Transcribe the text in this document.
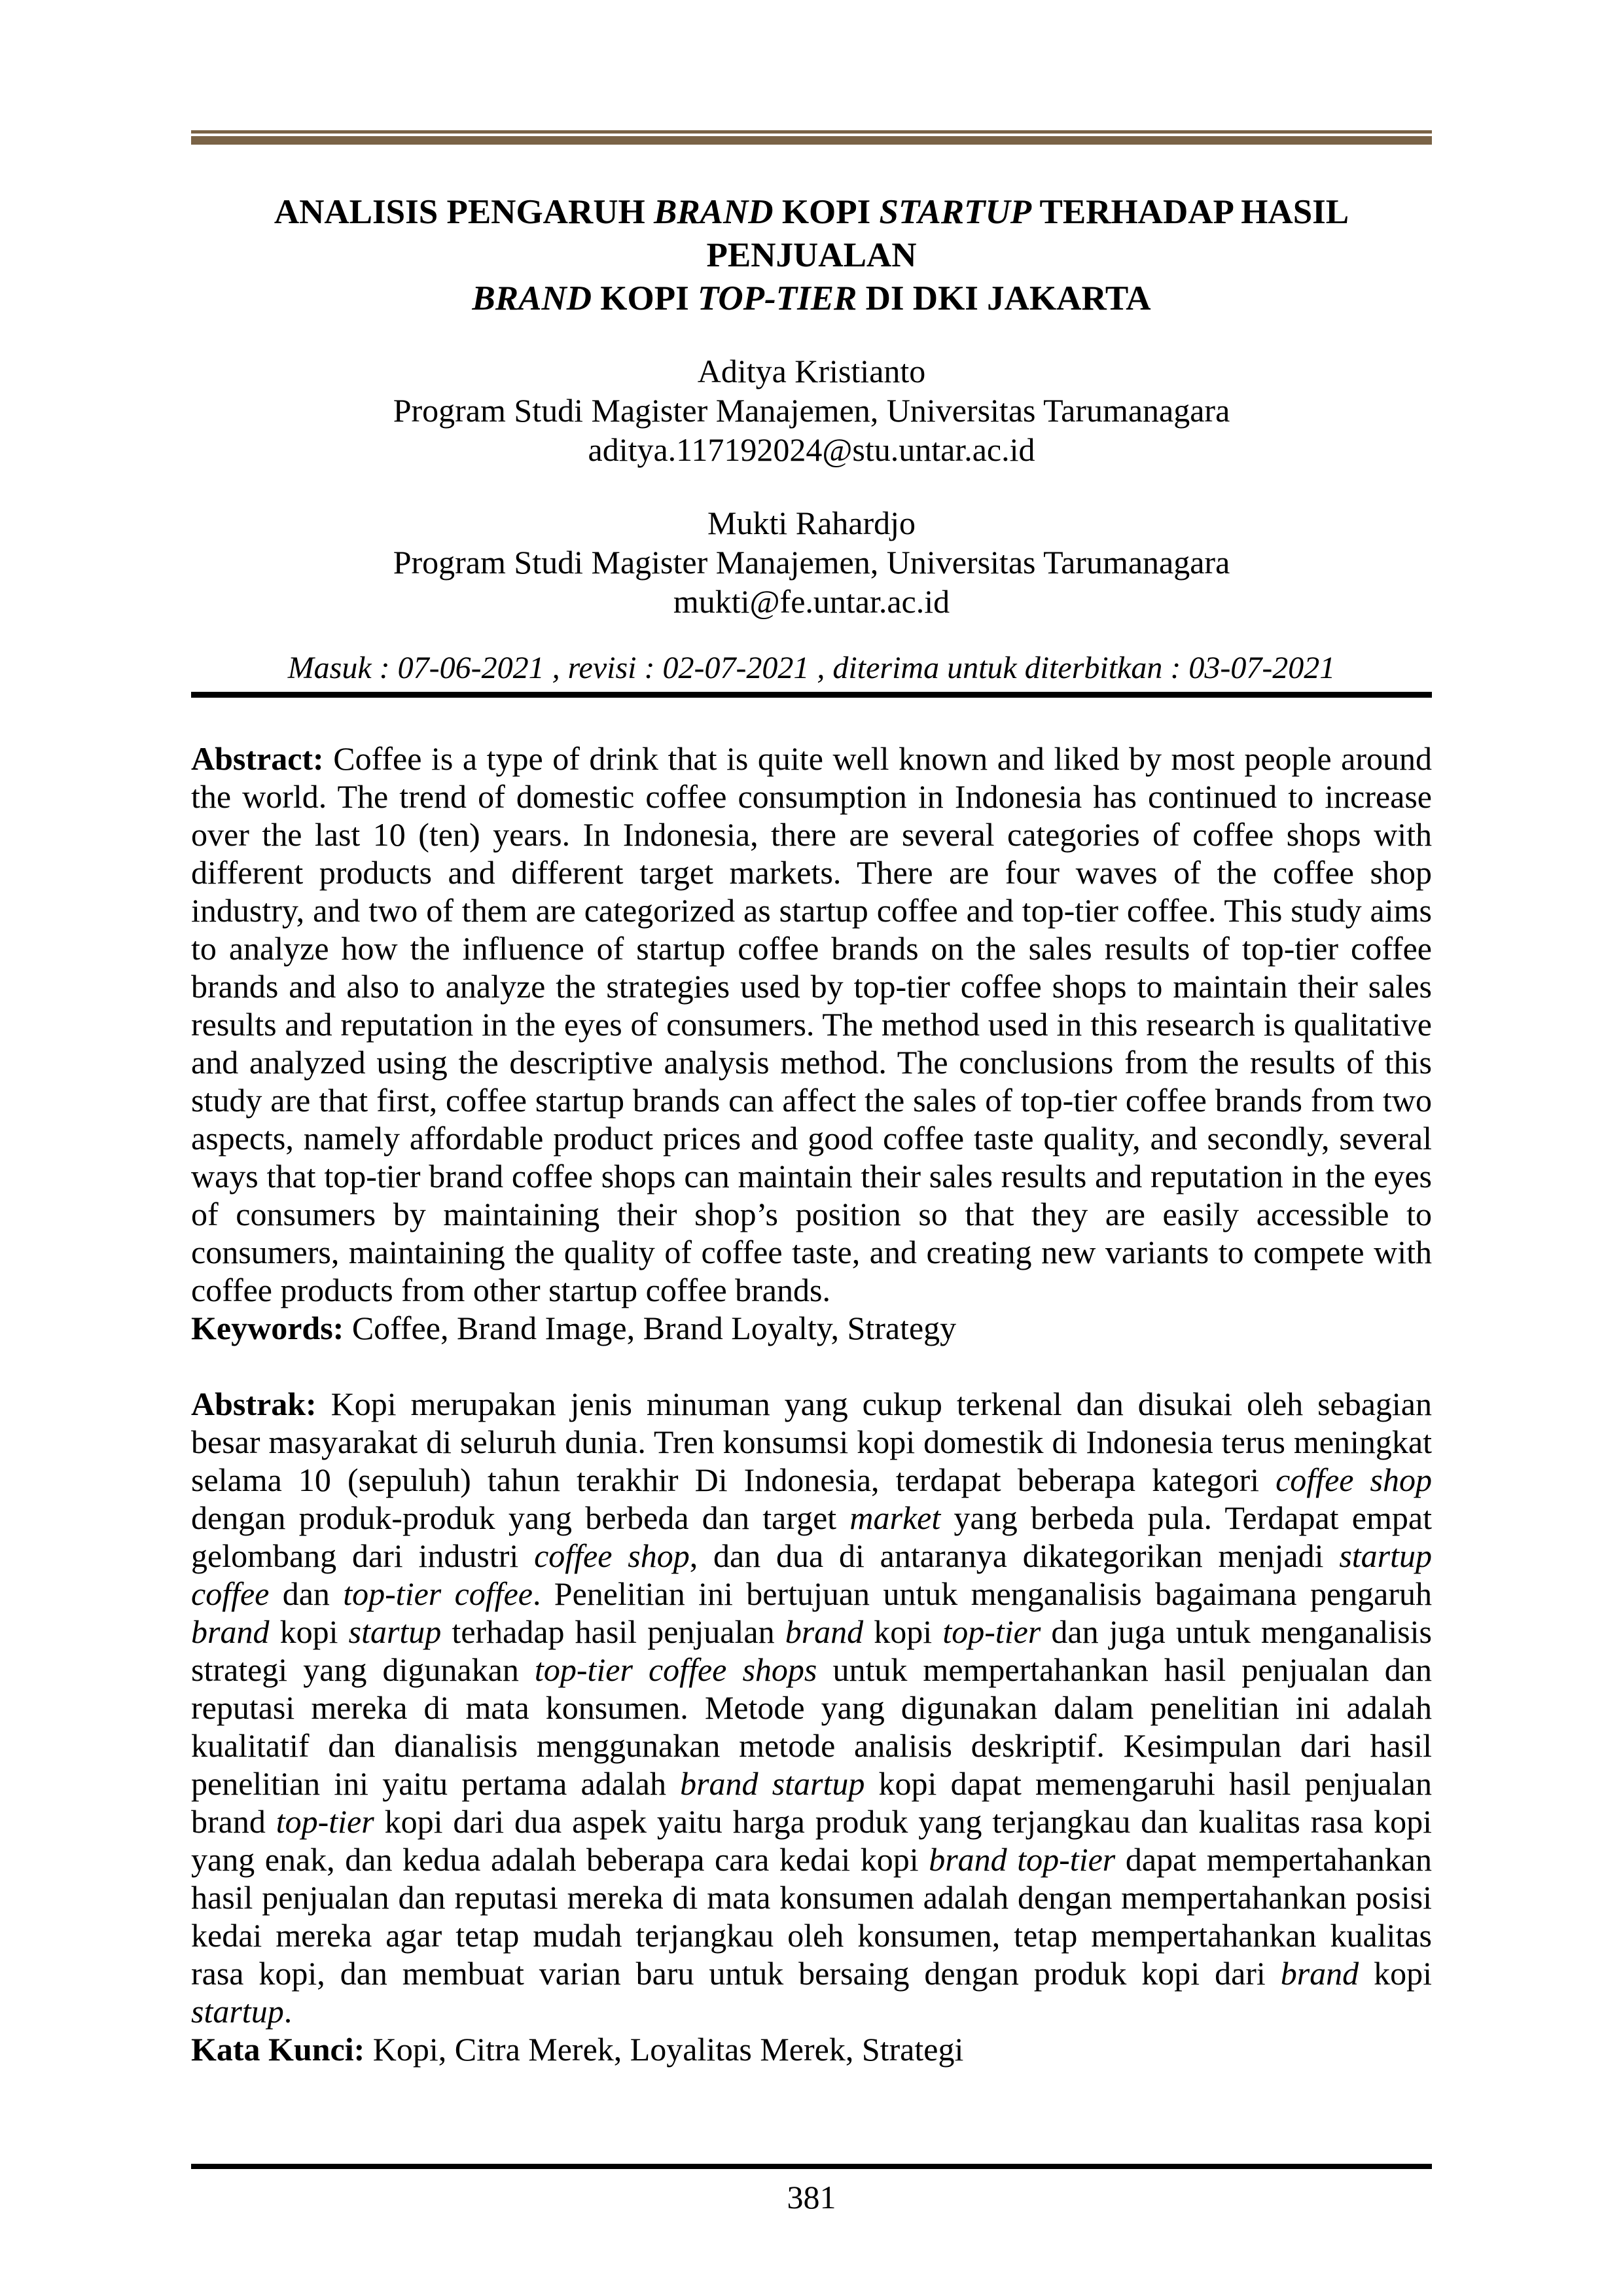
ANALISIS PENGARUH BRAND KOPI STARTUP TERHADAP HASIL PENJUALAN
BRAND KOPI TOP-TIER DI DKI JAKARTA
Aditya Kristianto
Program Studi Magister Manajemen, Universitas Tarumanagara
aditya.117192024@stu.untar.ac.id
Mukti Rahardjo
Program Studi Magister Manajemen, Universitas Tarumanagara
mukti@fe.untar.ac.id
Masuk : 07-06-2021 , revisi : 02-07-2021 , diterima untuk diterbitkan : 03-07-2021

Abstract: Coffee is a type of drink that is quite well known and liked by most people around the world. The trend of domestic coffee consumption in Indonesia has continued to increase over the last 10 (ten) years. In Indonesia, there are several categories of coffee shops with different products and different target markets. There are four waves of the coffee shop industry, and two of them are categorized as startup coffee and top-tier coffee. This study aims to analyze how the influence of startup coffee brands on the sales results of top-tier coffee brands and also to analyze the strategies used by top-tier coffee shops to maintain their sales results and reputation in the eyes of consumers. The method used in this research is qualitative and analyzed using the descriptive analysis method. The conclusions from the results of this study are that first, coffee startup brands can affect the sales of top-tier coffee brands from two aspects, namely affordable product prices and good coffee taste quality, and secondly, several ways that top-tier brand coffee shops can maintain their sales results and reputation in the eyes of consumers by maintaining their shop’s position so that they are easily accessible to consumers, maintaining the quality of coffee taste, and creating new variants to compete with coffee products from other startup coffee brands.

Keywords: Coffee, Brand Image, Brand Loyalty, Strategy

Abstrak: Kopi merupakan jenis minuman yang cukup terkenal dan disukai oleh sebagian besar masyarakat di seluruh dunia. Tren konsumsi kopi domestik di Indonesia terus meningkat selama 10 (sepuluh) tahun terakhir Di Indonesia, terdapat beberapa kategori coffee shop dengan produk-produk yang berbeda dan target market yang berbeda pula. Terdapat empat gelombang dari industri coffee shop, dan dua di antaranya dikategorikan menjadi startup coffee dan top-tier coffee. Penelitian ini bertujuan untuk menganalisis bagaimana pengaruh brand kopi startup terhadap hasil penjualan brand kopi top-tier dan juga untuk menganalisis strategi yang digunakan top-tier coffee shops untuk mempertahankan hasil penjualan dan reputasi mereka di mata konsumen. Metode yang digunakan dalam penelitian ini adalah kualitatif dan dianalisis menggunakan metode analisis deskriptif. Kesimpulan dari hasil penelitian ini yaitu pertama adalah brand startup kopi dapat memengaruhi hasil penjualan brand top-tier kopi dari dua aspek yaitu harga produk yang terjangkau dan kualitas rasa kopi yang enak, dan kedua adalah beberapa cara kedai kopi brand top-tier dapat mempertahankan hasil penjualan dan reputasi mereka di mata konsumen adalah dengan mempertahankan posisi kedai mereka agar tetap mudah terjangkau oleh konsumen, tetap mempertahankan kualitas rasa kopi, dan membuat varian baru untuk bersaing dengan produk kopi dari brand kopi startup.

Kata Kunci: Kopi, Citra Merek, Loyalitas Merek, Strategi

381
